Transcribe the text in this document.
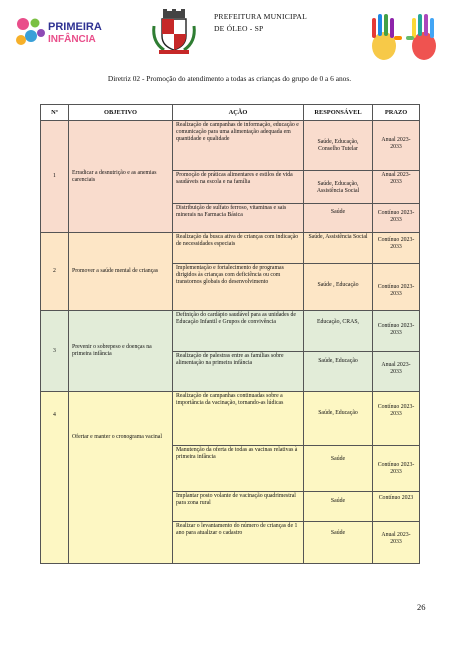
PRIMEIRA
INFÂNCIA
PREFEITURA MUNICIPAL
DE ÓLEO - SP
Diretriz 02 - Promoção do atendimento a todas as crianças do grupo de 0 a 6 anos.
Nº	OBJETIVO	AÇÃO	RESPONSÁVEL	PRAZO
1	Erradicar a desnutrição e as anemias carenciais	Realização de campanhas de informação, educação e comunicação para uma alimentação adequada em quantidade e qualidade	Saúde, Educação, Conselho Tutelar	Anual 2023-2033
		Promoção de práticas alimentares e estilos de vida saudáveis na escola e na família	Saúde, Educação, Assistência Social	Anual 2023-2033
		Distribuição de sulfato ferroso, vitaminas e sais minerais na Farmacia Básica	Saúde	Contínuo 2023-2033
2	Promover a saúde mental de crianças	Realização da busca ativa de crianças com indicação de necessidades especiais	Saúde, Assistência Social	Contínuo 2023-2033
		Implementação e fortalecimento de programas dirigidos às crianças com deficiência ou com transtornos globais do desenvolvimento	Saúde , Educação	Contínuo 2023-2033
3	Prevenir o sobrepeso e doenças na primeira infância	Definição do cardápio saudável para as unidades de Educação Infantil e Grupos de convivência	Educação, CRAS,	Contínuo 2023-2033
		Realização de palestras entre as famílias sobre alimentação na primeira infância	Saúde, Educação	Anual 2023-2033
4	Ofertar e manter o cronograma vacinal	Realização de campanhas continuadas sobre a importância da vacinação, tornando-as lúdicas	Saúde, Educação	Contínuo 2023-2033
		Manutenção da oferta de todas as vacinas relativas à primeira infância	Saúde	Contínuo 2023-2033
		Implantar posto volante de vacinação quadrimestral para zona rural	Saúde	Contínuo 2023
		Realizar o levantamento do número de crianças de 1 ano para atualizar o cadastro	Saúde	Anual 2023-2033
26
